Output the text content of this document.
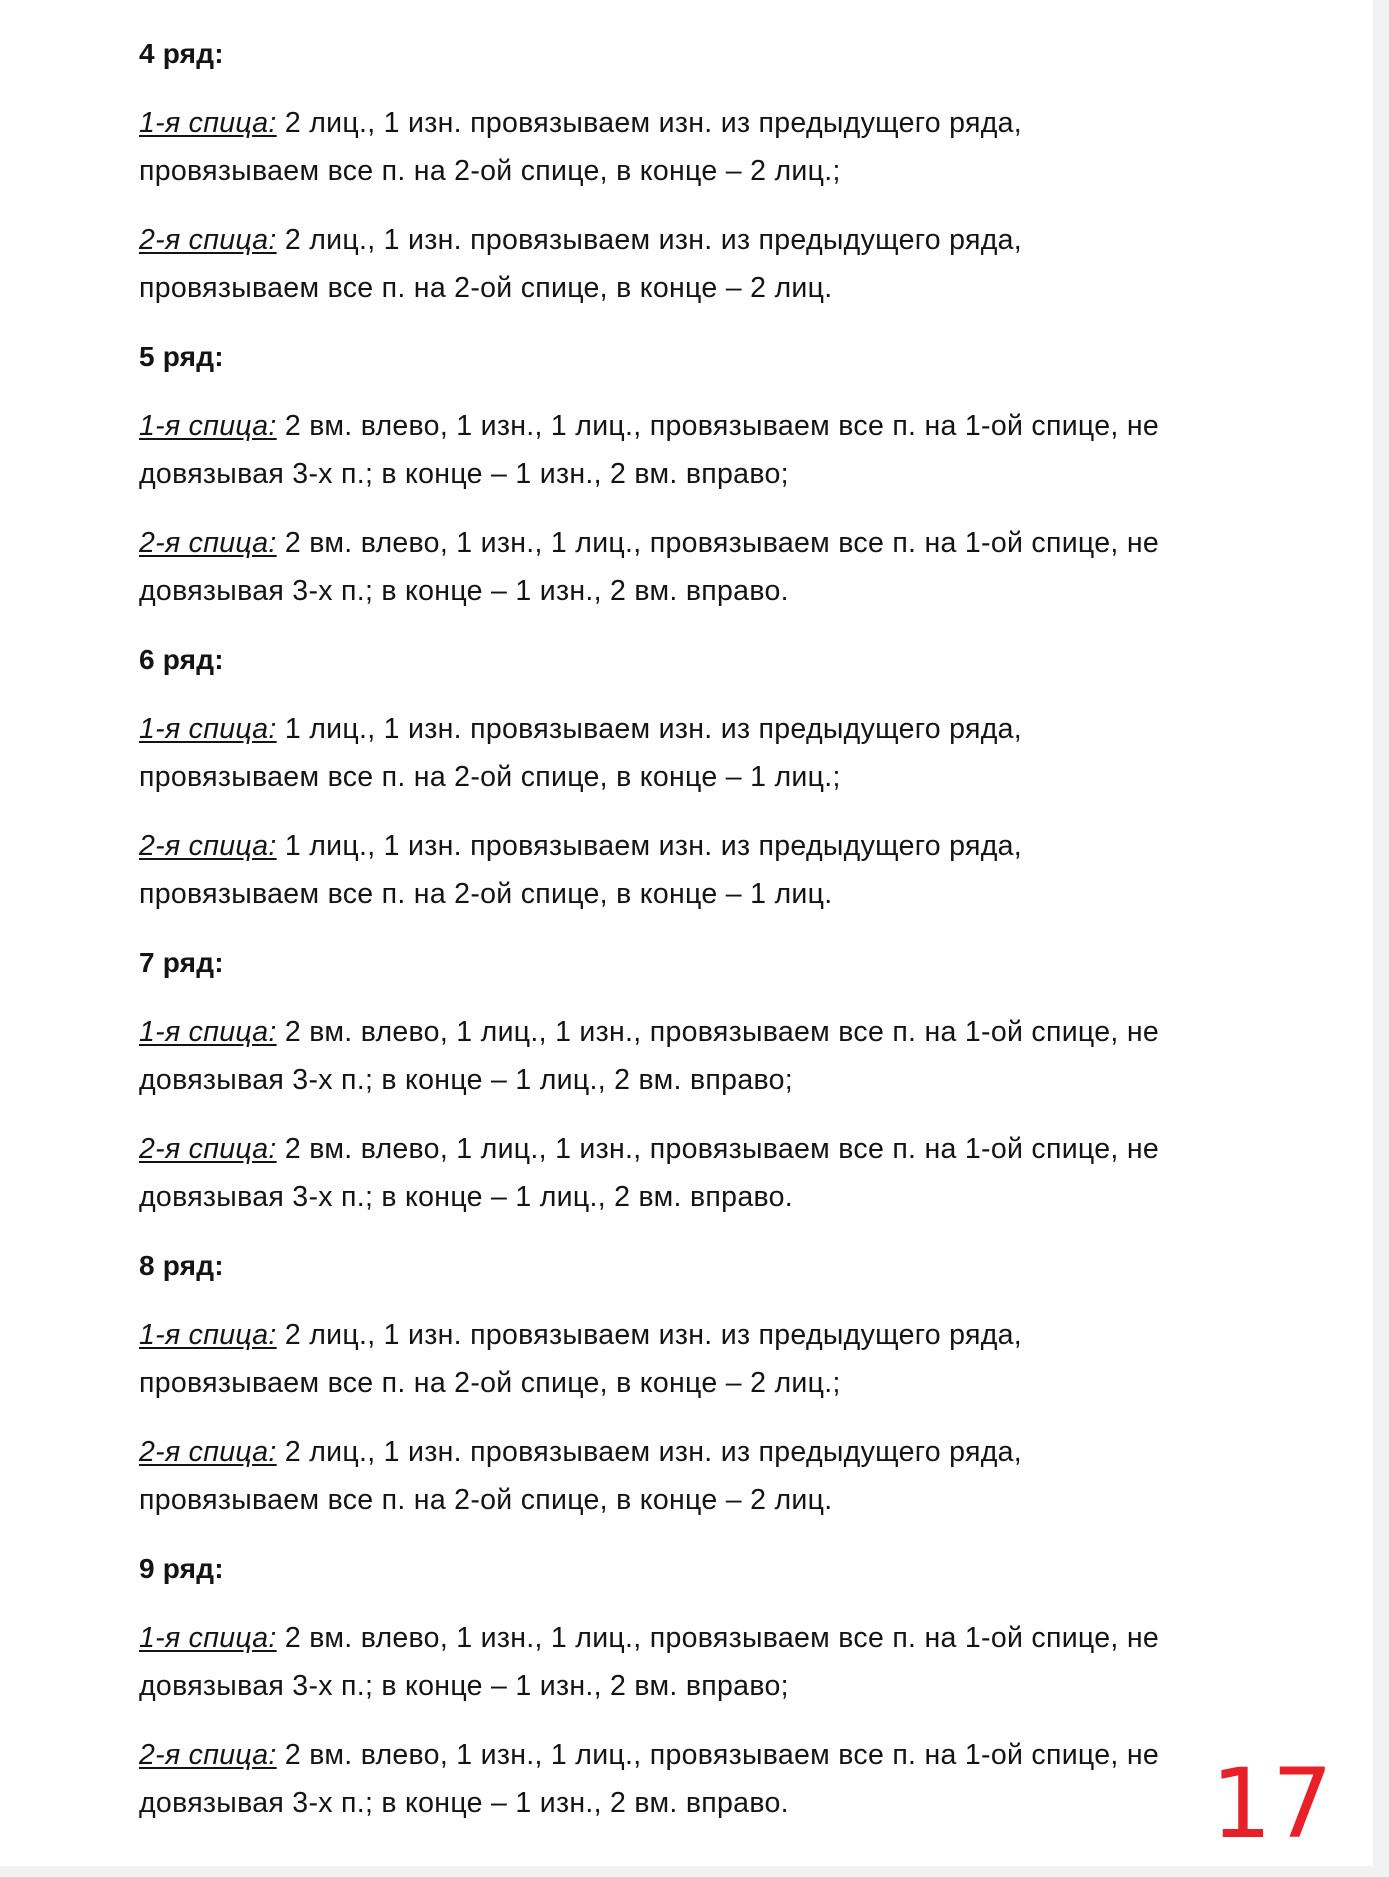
4 ряд:

1-я спица: 2 лиц., 1 изн. провязываем изн. из предыдущего ряда,
провязываем все п. на 2-ой спице, в конце – 2 лиц.;

2-я спица: 2 лиц., 1 изн. провязываем изн. из предыдущего ряда,
провязываем все п. на 2-ой спице, в конце – 2 лиц.

5 ряд:

1-я спица: 2 вм. влево, 1 изн., 1 лиц., провязываем все п. на 1-ой спице, не
довязывая 3-х п.; в конце – 1 изн., 2 вм. вправо;

2-я спица: 2 вм. влево, 1 изн., 1 лиц., провязываем все п. на 1-ой спице, не
довязывая 3-х п.; в конце – 1 изн., 2 вм. вправо.

6 ряд:

1-я спица: 1 лиц., 1 изн. провязываем изн. из предыдущего ряда,
провязываем все п. на 2-ой спице, в конце – 1 лиц.;

2-я спица: 1 лиц., 1 изн. провязываем изн. из предыдущего ряда,
провязываем все п. на 2-ой спице, в конце – 1 лиц.

7 ряд:

1-я спица: 2 вм. влево, 1 лиц., 1 изн., провязываем все п. на 1-ой спице, не
довязывая 3-х п.; в конце – 1 лиц., 2 вм. вправо;

2-я спица: 2 вм. влево, 1 лиц., 1 изн., провязываем все п. на 1-ой спице, не
довязывая 3-х п.; в конце – 1 лиц., 2 вм. вправо.

8 ряд:

1-я спица: 2 лиц., 1 изн. провязываем изн. из предыдущего ряда,
провязываем все п. на 2-ой спице, в конце – 2 лиц.;

2-я спица: 2 лиц., 1 изн. провязываем изн. из предыдущего ряда,
провязываем все п. на 2-ой спице, в конце – 2 лиц.

9 ряд:

1-я спица: 2 вм. влево, 1 изн., 1 лиц., провязываем все п. на 1-ой спице, не
довязывая 3-х п.; в конце – 1 изн., 2 вм. вправо;

2-я спица: 2 вм. влево, 1 изн., 1 лиц., провязываем все п. на 1-ой спице, не
довязывая 3-х п.; в конце – 1 изн., 2 вм. вправо.	17
